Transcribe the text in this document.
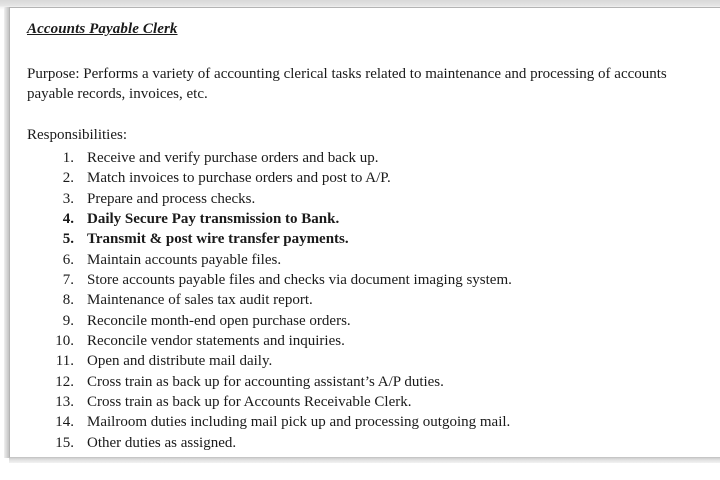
Accounts Payable Clerk

Purpose: Performs a variety of accounting clerical tasks related to maintenance and processing of accounts payable records, invoices, etc.

Responsibilities:

1. Receive and verify purchase orders and back up.
2. Match invoices to purchase orders and post to A/P.
3. Prepare and process checks.
4. Daily Secure Pay transmission to Bank.
5. Transmit & post wire transfer payments.
6. Maintain accounts payable files.
7. Store accounts payable files and checks via document imaging system.
8. Maintenance of sales tax audit report.
9. Reconcile month-end open purchase orders.
10. Reconcile vendor statements and inquiries.
11. Open and distribute mail daily.
12. Cross train as back up for accounting assistant’s A/P duties.
13. Cross train as back up for Accounts Receivable Clerk.
14. Mailroom duties including mail pick up and processing outgoing mail.
15. Other duties as assigned.
